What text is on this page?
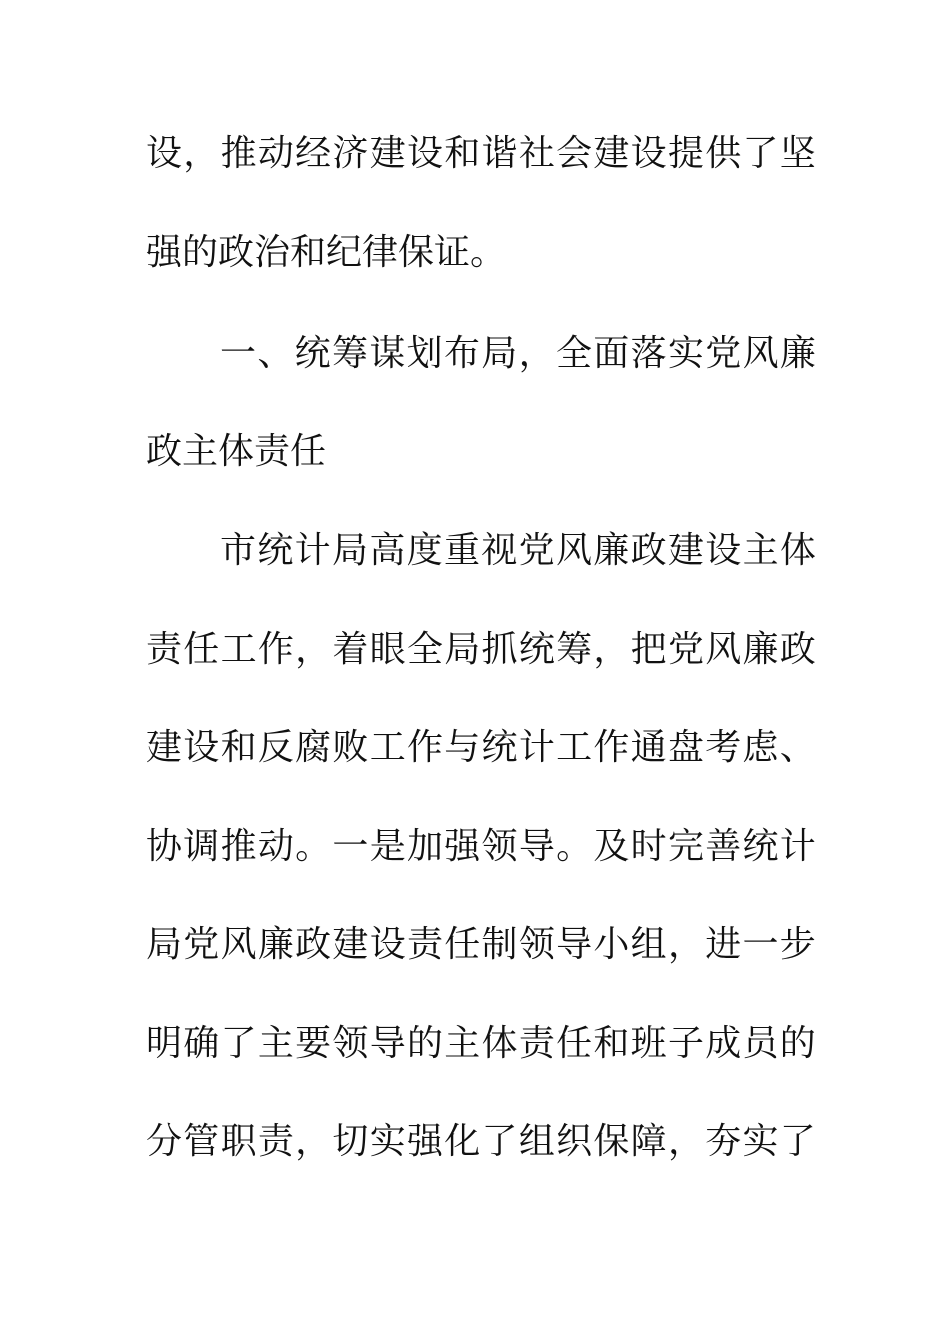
设 ， 推 动 经 济 建 设 和 谐 社 会 建 设 提 供 了 坚
强的政治和纪律保证。
一 、 统 筹 谋 划 布 局 ， 全 面 落 实 党 风 廉
政主体责任
市 统 计 局 高 度 重 视 党 风 廉 政 建 设 主 体
责 任 工 作 ， 着 眼 全 局 抓 统 筹 ， 把 党 风 廉 政
建 设 和 反 腐 败 工 作 与 统 计 工 作 通 盘 考 虑 、
协 调 推 动 。 一 是 加 强 领 导 。 及 时 完 善 统 计
局 党 风 廉 政 建 设 责 任 制 领 导 小 组 ， 进 一 步
明 确 了 主 要 领 导 的 主 体 责 任 和 班 子 成 员 的
分 管 职 责 ， 切 实 强 化 了 组 织 保 障 ， 夯 实 了
